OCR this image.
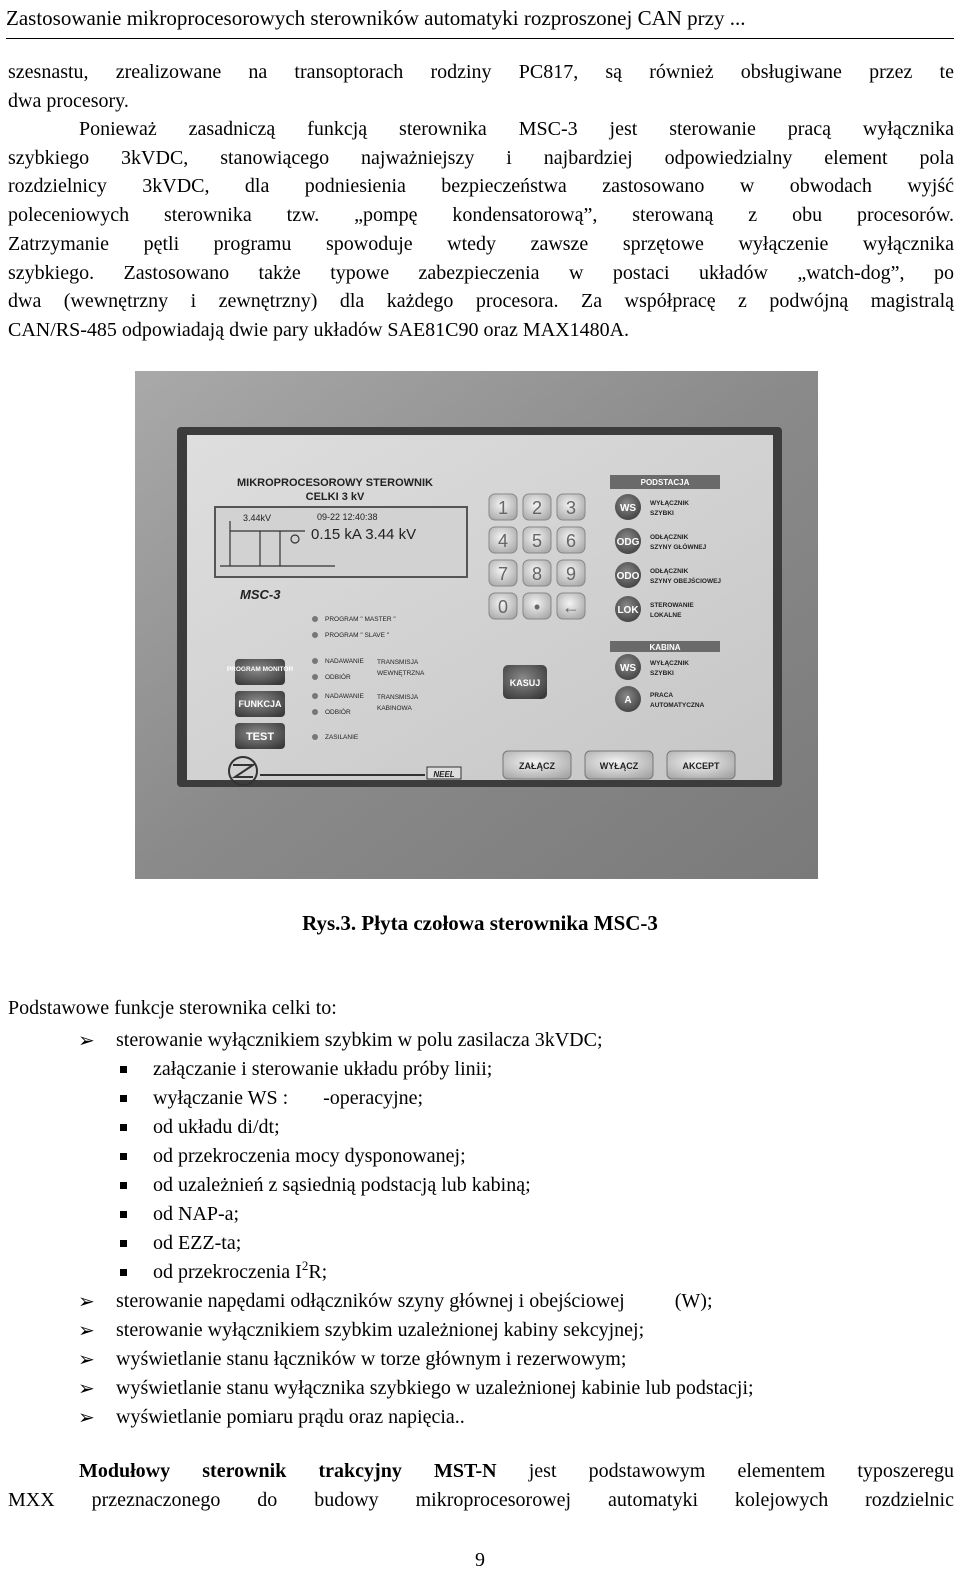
Zastosowanie mikroprocesorowych sterowników automatyki rozproszonej CAN przy ...
szesnastu, zrealizowane na transoptorach rodziny PC817, są również obsługiwane przez te
dwa procesory.
Ponieważ zasadniczą funkcją sterownika MSC-3 jest sterowanie pracą wyłącznika
szybkiego 3kVDC, stanowiącego najważniejszy i najbardziej odpowiedzialny element pola
rozdzielnicy 3kVDC, dla podniesienia bezpieczeństwa zastosowano w obwodach wyjść
poleceniowych sterownika tzw. „pompę kondensatorową”, sterowaną z obu procesorów.
Zatrzymanie pętli programu spowoduje wtedy zawsze sprzętowe wyłączenie wyłącznika
szybkiego. Zastosowano także typowe zabezpieczenia w postaci układów „watch-dog”, po
dwa (wewnętrzny i zewnętrzny) dla każdego procesora. Za współpracę z podwójną magistralą
CAN/RS-485 odpowiadają dwie pary układów SAE81C90 oraz MAX1480A.
PODSTACJA
KABINA
MIKROPROCESOROWY STEROWNIK
CELKI 3 kV
09-22 12:40:38
3.44kV
0.15 kA 3.44 kV
MSC-3
PROGRAM " MASTER "
PROGRAM " SLAVE "
NADAWANIE
ODBIÓR
NADAWANIE
ODBIÓR
ZASILANIE
TRANSMISJA
WEWNĘTRZNA
TRANSMISJA
KABINOWA
PROGRAM MONITOR
FUNKCJA
TEST
1 2 3
4 5 6
7 8 9
0 • ←
KASUJ
WS WYŁĄCZNIK
SZYBKI
ODG ODŁĄCZNIK
SZYNY GŁÓWNEJ
ODO ODŁĄCZNIK
SZYNY OBEJŚCIOWEJ
LOK STEROWANIE
LOKALNE
WS WYŁĄCZNIK
SZYBKI
A	PRACA
AUTOMATYCZNA
ZAŁĄCZ	WYŁĄCZ	AKCEPT
NEEL
Rys.3. Płyta czołowa sterownika MSC-3
Podstawowe funkcje sterownika celki to:
➢ sterowanie wyłącznikiem szybkim w polu zasilacza 3kVDC;
załączanie i sterowanie układu próby linii;
wyłączanie WS :       -operacyjne;
od układu di/dt;
od przekroczenia mocy dysponowanej;
od uzależnień z sąsiednią podstacją lub kabiną;
od NAP-a;
od EZZ-ta;
od przekroczenia $I^2R$;
➢ sterowanie napędami odłączników szyny głównej i obejściowej          (W);
➢ sterowanie wyłącznikiem szybkim uzależnionej kabiny sekcyjnej;
➢ wyświetlanie stanu łączników w torze głównym i rezerwowym;
➢ wyświetlanie stanu wyłącznika szybkiego w uzależnionej kabinie lub podstacji;
➢ wyświetlanie pomiaru prądu oraz napięcia..
Modułowy sterownik trakcyjny MST-N jest podstawowym elementem typoszeregu
MXX przeznaczonego do budowy mikroprocesorowej automatyki kolejowych rozdzielnic
9
